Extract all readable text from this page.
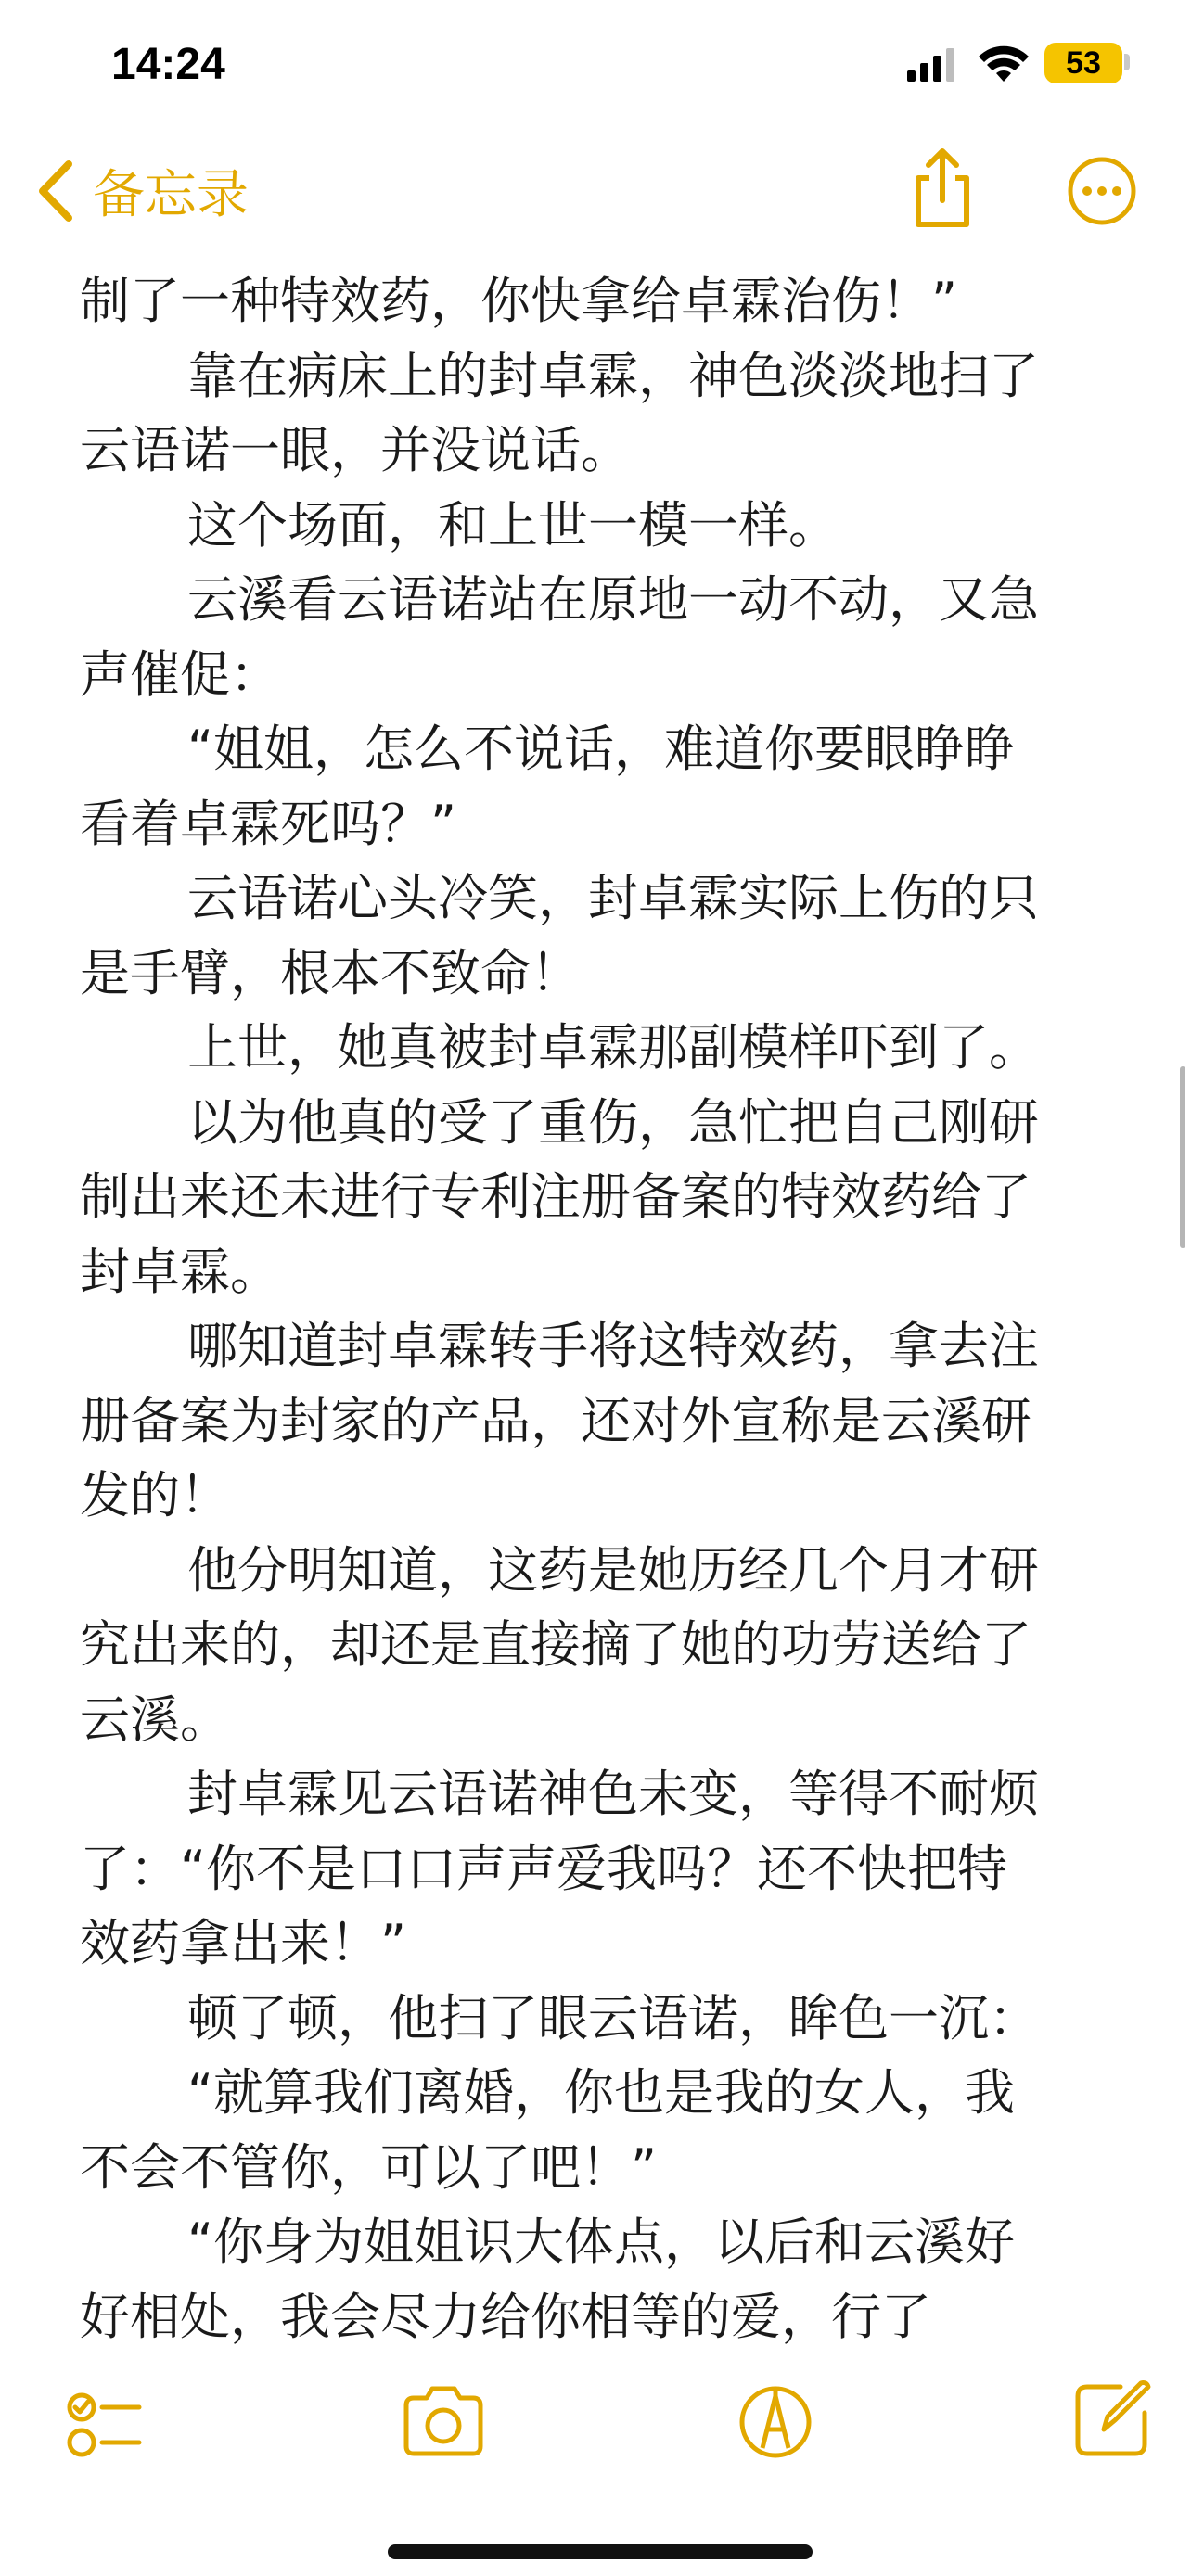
14:24	53
备忘录
制了一种特效药，你快拿给卓霖治伤！”
靠在病床上的封卓霖，神色淡淡地扫了
云语诺一眼，并没说话。
这个场面，和上世一模一样。
云溪看云语诺站在原地一动不动，又急
声催促：
“姐姐，怎么不说话，难道你要眼睁睁
看着卓霖死吗？”
云语诺心头冷笑，封卓霖实际上伤的只
是手臂，根本不致命！
上世，她真被封卓霖那副模样吓到了。
以为他真的受了重伤，急忙把自己刚研
制出来还未进行专利注册备案的特效药给了
封卓霖。
哪知道封卓霖转手将这特效药，拿去注
册备案为封家的产品，还对外宣称是云溪研
发的！
他分明知道，这药是她历经几个月才研
究出来的，却还是直接摘了她的功劳送给了
云溪。
封卓霖见云语诺神色未变，等得不耐烦
了：“你不是口口声声爱我吗？还不快把特
效药拿出来！”
顿了顿，他扫了眼云语诺，眸色一沉：
“就算我们离婚，你也是我的女人，我
不会不管你，可以了吧！”
“你身为姐姐识大体点，以后和云溪好
好相处，我会尽力给你相等的爱，行了
